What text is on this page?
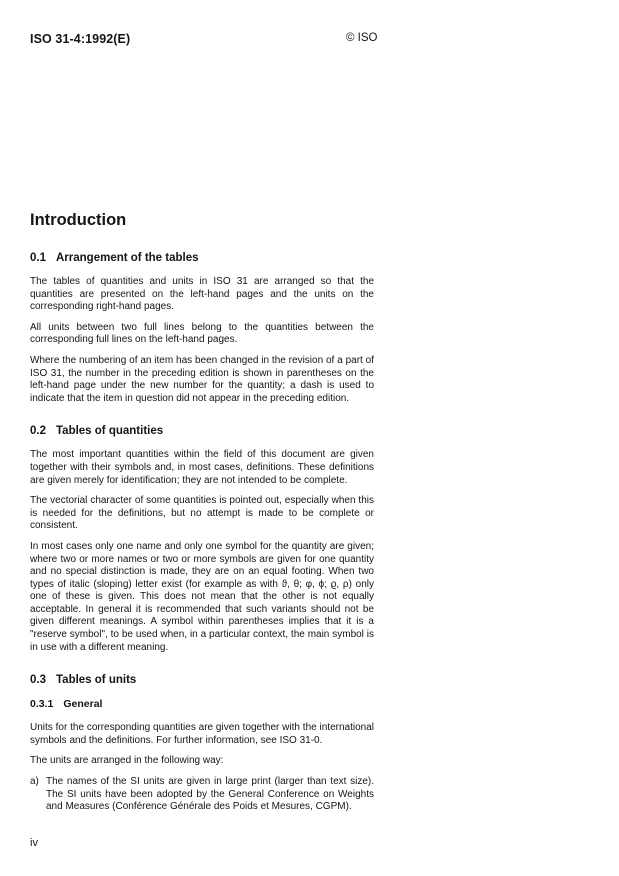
ISO 31-4:1992(E)	© ISO
Introduction
0.1 Arrangement of the tables

The tables of quantities and units in ISO 31 are arranged so that the quantities are presented on the left-hand pages and the units on the corresponding right-hand pages.

All units between two full lines belong to the quantities between the corresponding full lines on the left-hand pages.

Where the numbering of an item has been changed in the revision of a part of ISO 31, the number in the preceding edition is shown in parentheses on the left-hand page under the new number for the quantity; a dash is used to indicate that the item in question did not appear in the preceding edition.

0.2 Tables of quantities

The most important quantities within the field of this document are given together with their symbols and, in most cases, definitions. These definitions are given merely for identification; they are not intended to be complete.

The vectorial character of some quantities is pointed out, especially when this is needed for the definitions, but no attempt is made to be complete or consistent.

In most cases only one name and only one symbol for the quantity are given; where two or more names or two or more symbols are given for one quantity and no special distinction is made, they are on an equal footing. When two types of italic (sloping) letter exist (for example as with ϑ, θ; φ, ϕ; ϱ, ρ) only one of these is given. This does not mean that the other is not equally acceptable. In general it is recommended that such variants should not be given different meanings. A symbol within parentheses implies that it is a "reserve symbol", to be used when, in a particular context, the main symbol is in use with a different meaning.

0.3 Tables of units
0.3.1 General

Units for the corresponding quantities are given together with the international symbols and the definitions. For further information, see ISO 31-0.

The units are arranged in the following way:

a) The names of the SI units are given in large print (larger than text size). The SI units have been adopted by the General Conference on Weights and Measures (Conférence Générale des Poids et Mesures, CGPM).
iv
